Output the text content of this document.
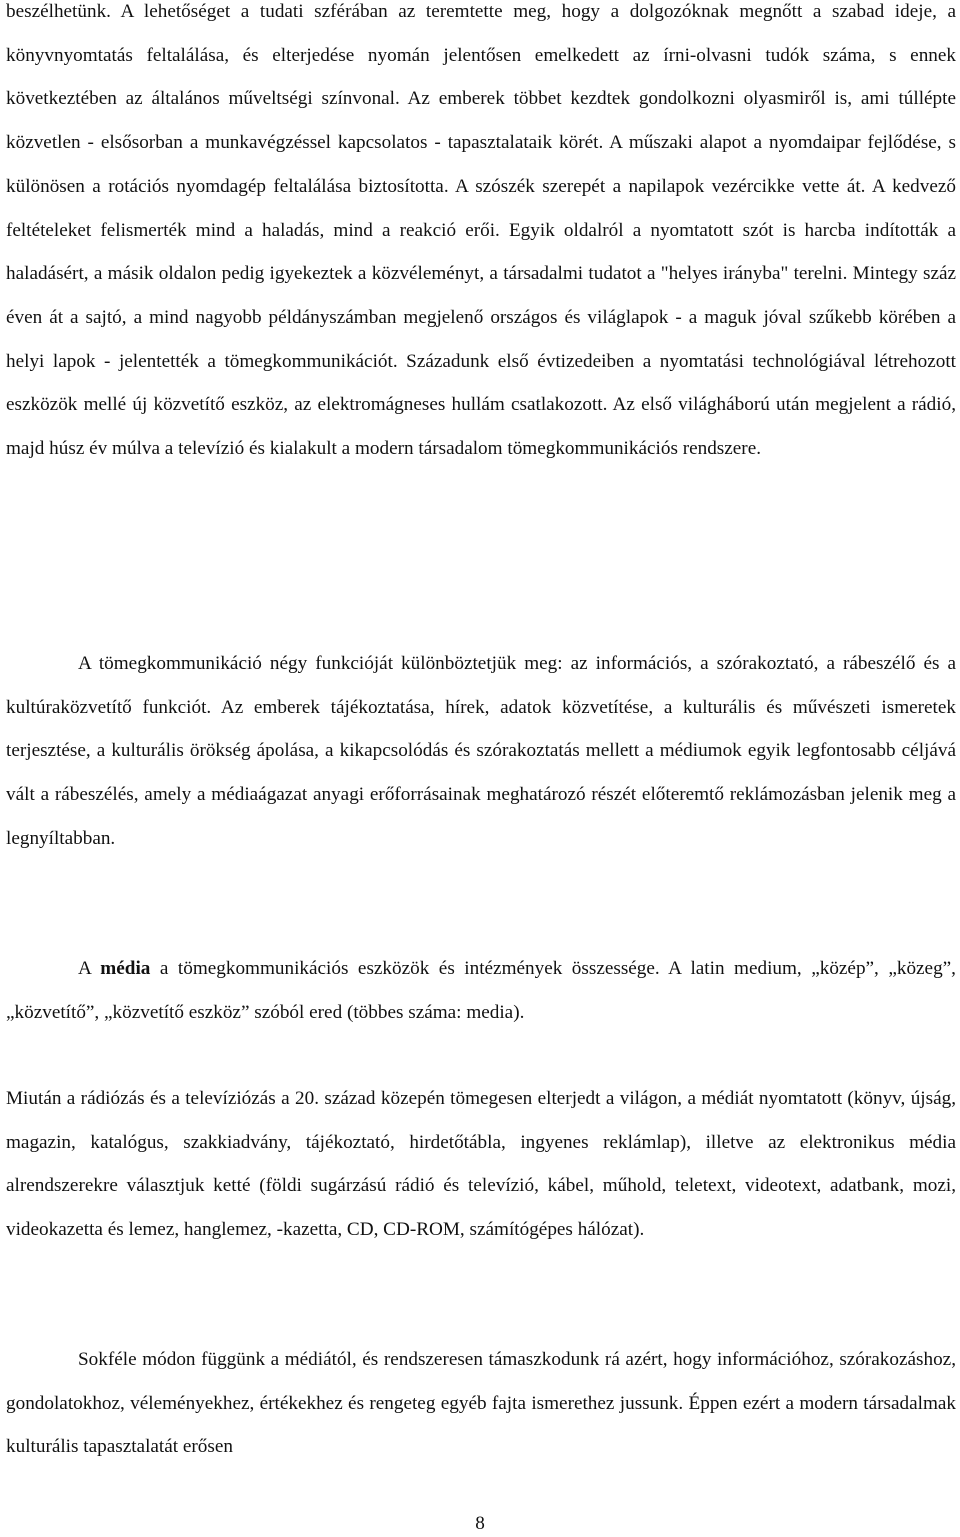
beszélhetünk. A lehetőséget a tudati szférában az teremtette meg, hogy a dolgozóknak megnőtt a szabad ideje, a könyvnyomtatás feltalálása, és elterjedése nyomán jelentősen emelkedett az írni-olvasni tudók száma, s ennek következtében az általános műveltségi színvonal. Az emberek többet kezdtek gondolkozni olyasmiről is, ami túllépte közvetlen - elsősorban a munkavégzéssel kapcsolatos - tapasztalataik körét. A műszaki alapot a nyomdaipar fejlődése, s különösen a rotációs nyomdagép feltalálása biztosította. A szószék szerepét a napilapok vezércikke vette át. A kedvező feltételeket felismerték mind a haladás, mind a reakció erői. Egyik oldalról a nyomtatott szót is harcba indították a haladásért, a másik oldalon pedig igyekeztek a közvéleményt, a társadalmi tudatot a "helyes irányba" terelni. Mintegy száz éven át a sajtó, a mind nagyobb példányszámban megjelenő országos és világlapok - a maguk jóval szűkebb körében a helyi lapok - jelentették a tömegkommunikációt. Századunk első évtizedeiben a nyomtatási technológiával létrehozott eszközök mellé új közvetítő eszköz, az elektromágneses hullám csatlakozott. Az első világháború után megjelent a rádió, majd húsz év múlva a televízió és kialakult a modern társadalom tömegkommunikációs rendszere.

A tömegkommunikáció négy funkcióját különböztetjük meg: az információs, a szórakoztató, a rábeszélő és a kultúraközvetítő funkciót. Az emberek tájékoztatása, hírek, adatok közvetítése, a kulturális és művészeti ismeretek terjesztése, a kulturális örökség ápolása, a kikapcsolódás és szórakoztatás mellett a médiumok egyik legfontosabb céljává vált a rábeszélés, amely a médiaágazat anyagi erőforrásainak meghatározó részét előteremtő reklámozásban jelenik meg a legnyíltabban.

A média a tömegkommunikációs eszközök és intézmények összessége. A latin medium, „közép”, „közeg”, „közvetítő”, „közvetítő eszköz” szóból ered (többes száma: media).

Miután a rádiózás és a televíziózás a 20. század közepén tömegesen elterjedt a világon, a médiát nyomtatott (könyv, újság, magazin, katalógus, szakkiadvány, tájékoztató, hirdetőtábla, ingyenes reklámlap), illetve az elektronikus média alrendszerekre választjuk ketté (földi sugárzású rádió és televízió, kábel, műhold, teletext, videotext, adatbank, mozi, videokazetta és lemez, hanglemez, -kazetta, CD, CD-ROM, számítógépes hálózat).

Sokféle módon függünk a médiától, és rendszeresen támaszkodunk rá azért, hogy információhoz, szórakozáshoz, gondolatokhoz, véleményekhez, értékekhez és rengeteg egyéb fajta ismerethez jussunk. Éppen ezért a modern társadalmak kulturális tapasztalatát erősen

8
